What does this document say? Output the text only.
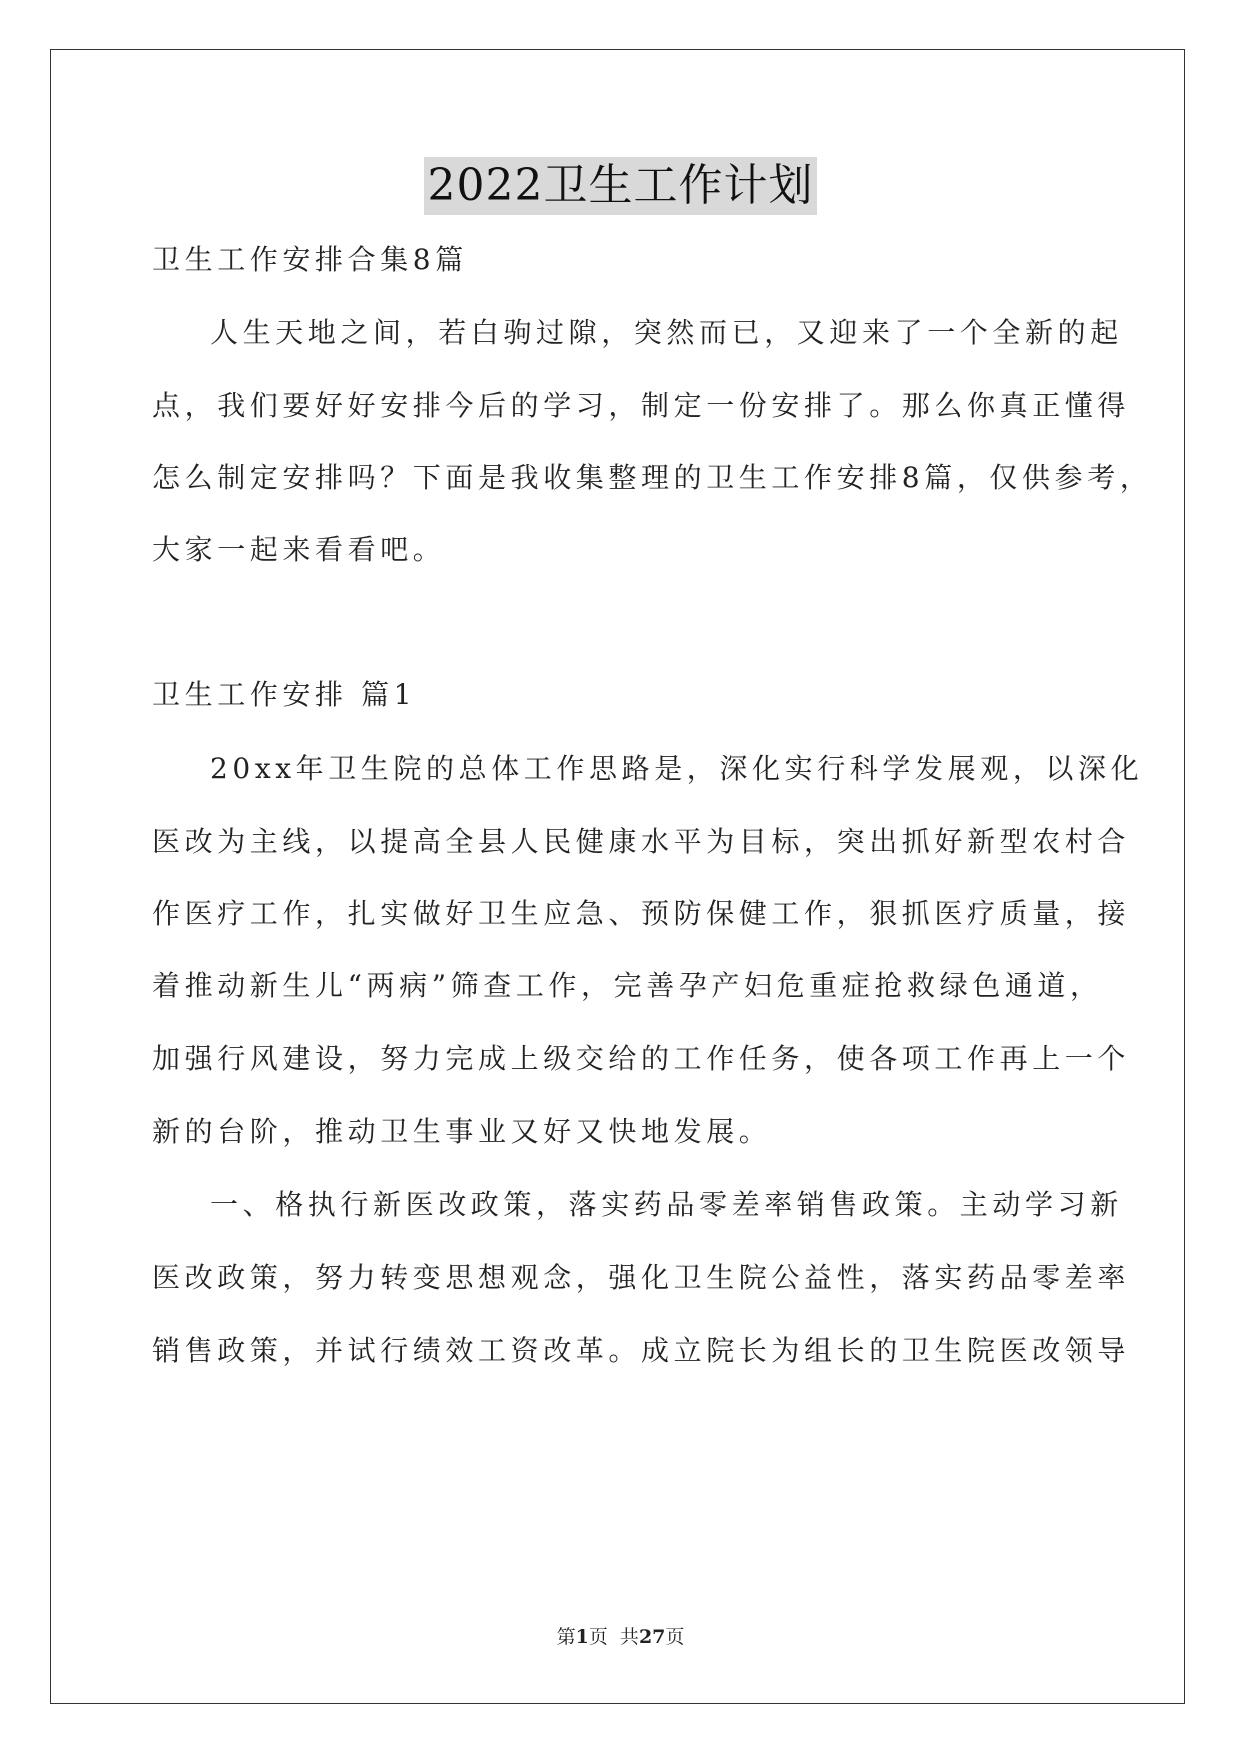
2022卫生工作计划
卫生工作安排合集8篇
人生天地之间，若白驹过隙，突然而已，又迎来了一个全新的起
点，我们要好好安排今后的学习，制定一份安排了。那么你真正懂得
怎么制定安排吗？下面是我收集整理的卫生工作安排8篇，仅供参考，
大家一起来看看吧。
卫生工作安排 篇1
20xx年卫生院的总体工作思路是，深化实行科学发展观，以深化
医改为主线，以提高全县人民健康水平为目标，突出抓好新型农村合
作医疗工作，扎实做好卫生应急、预防保健工作，狠抓医疗质量，接
着推动新生儿“两病”筛查工作，完善孕产妇危重症抢救绿色通道，
加强行风建设，努力完成上级交给的工作任务，使各项工作再上一个
新的台阶，推动卫生事业又好又快地发展。
一、格执行新医改政策，落实药品零差率销售政策。主动学习新
医改政策，努力转变思想观念，强化卫生院公益性，落实药品零差率
销售政策，并试行绩效工资改革。成立院长为组长的卫生院医改领导
第1页  共27页
